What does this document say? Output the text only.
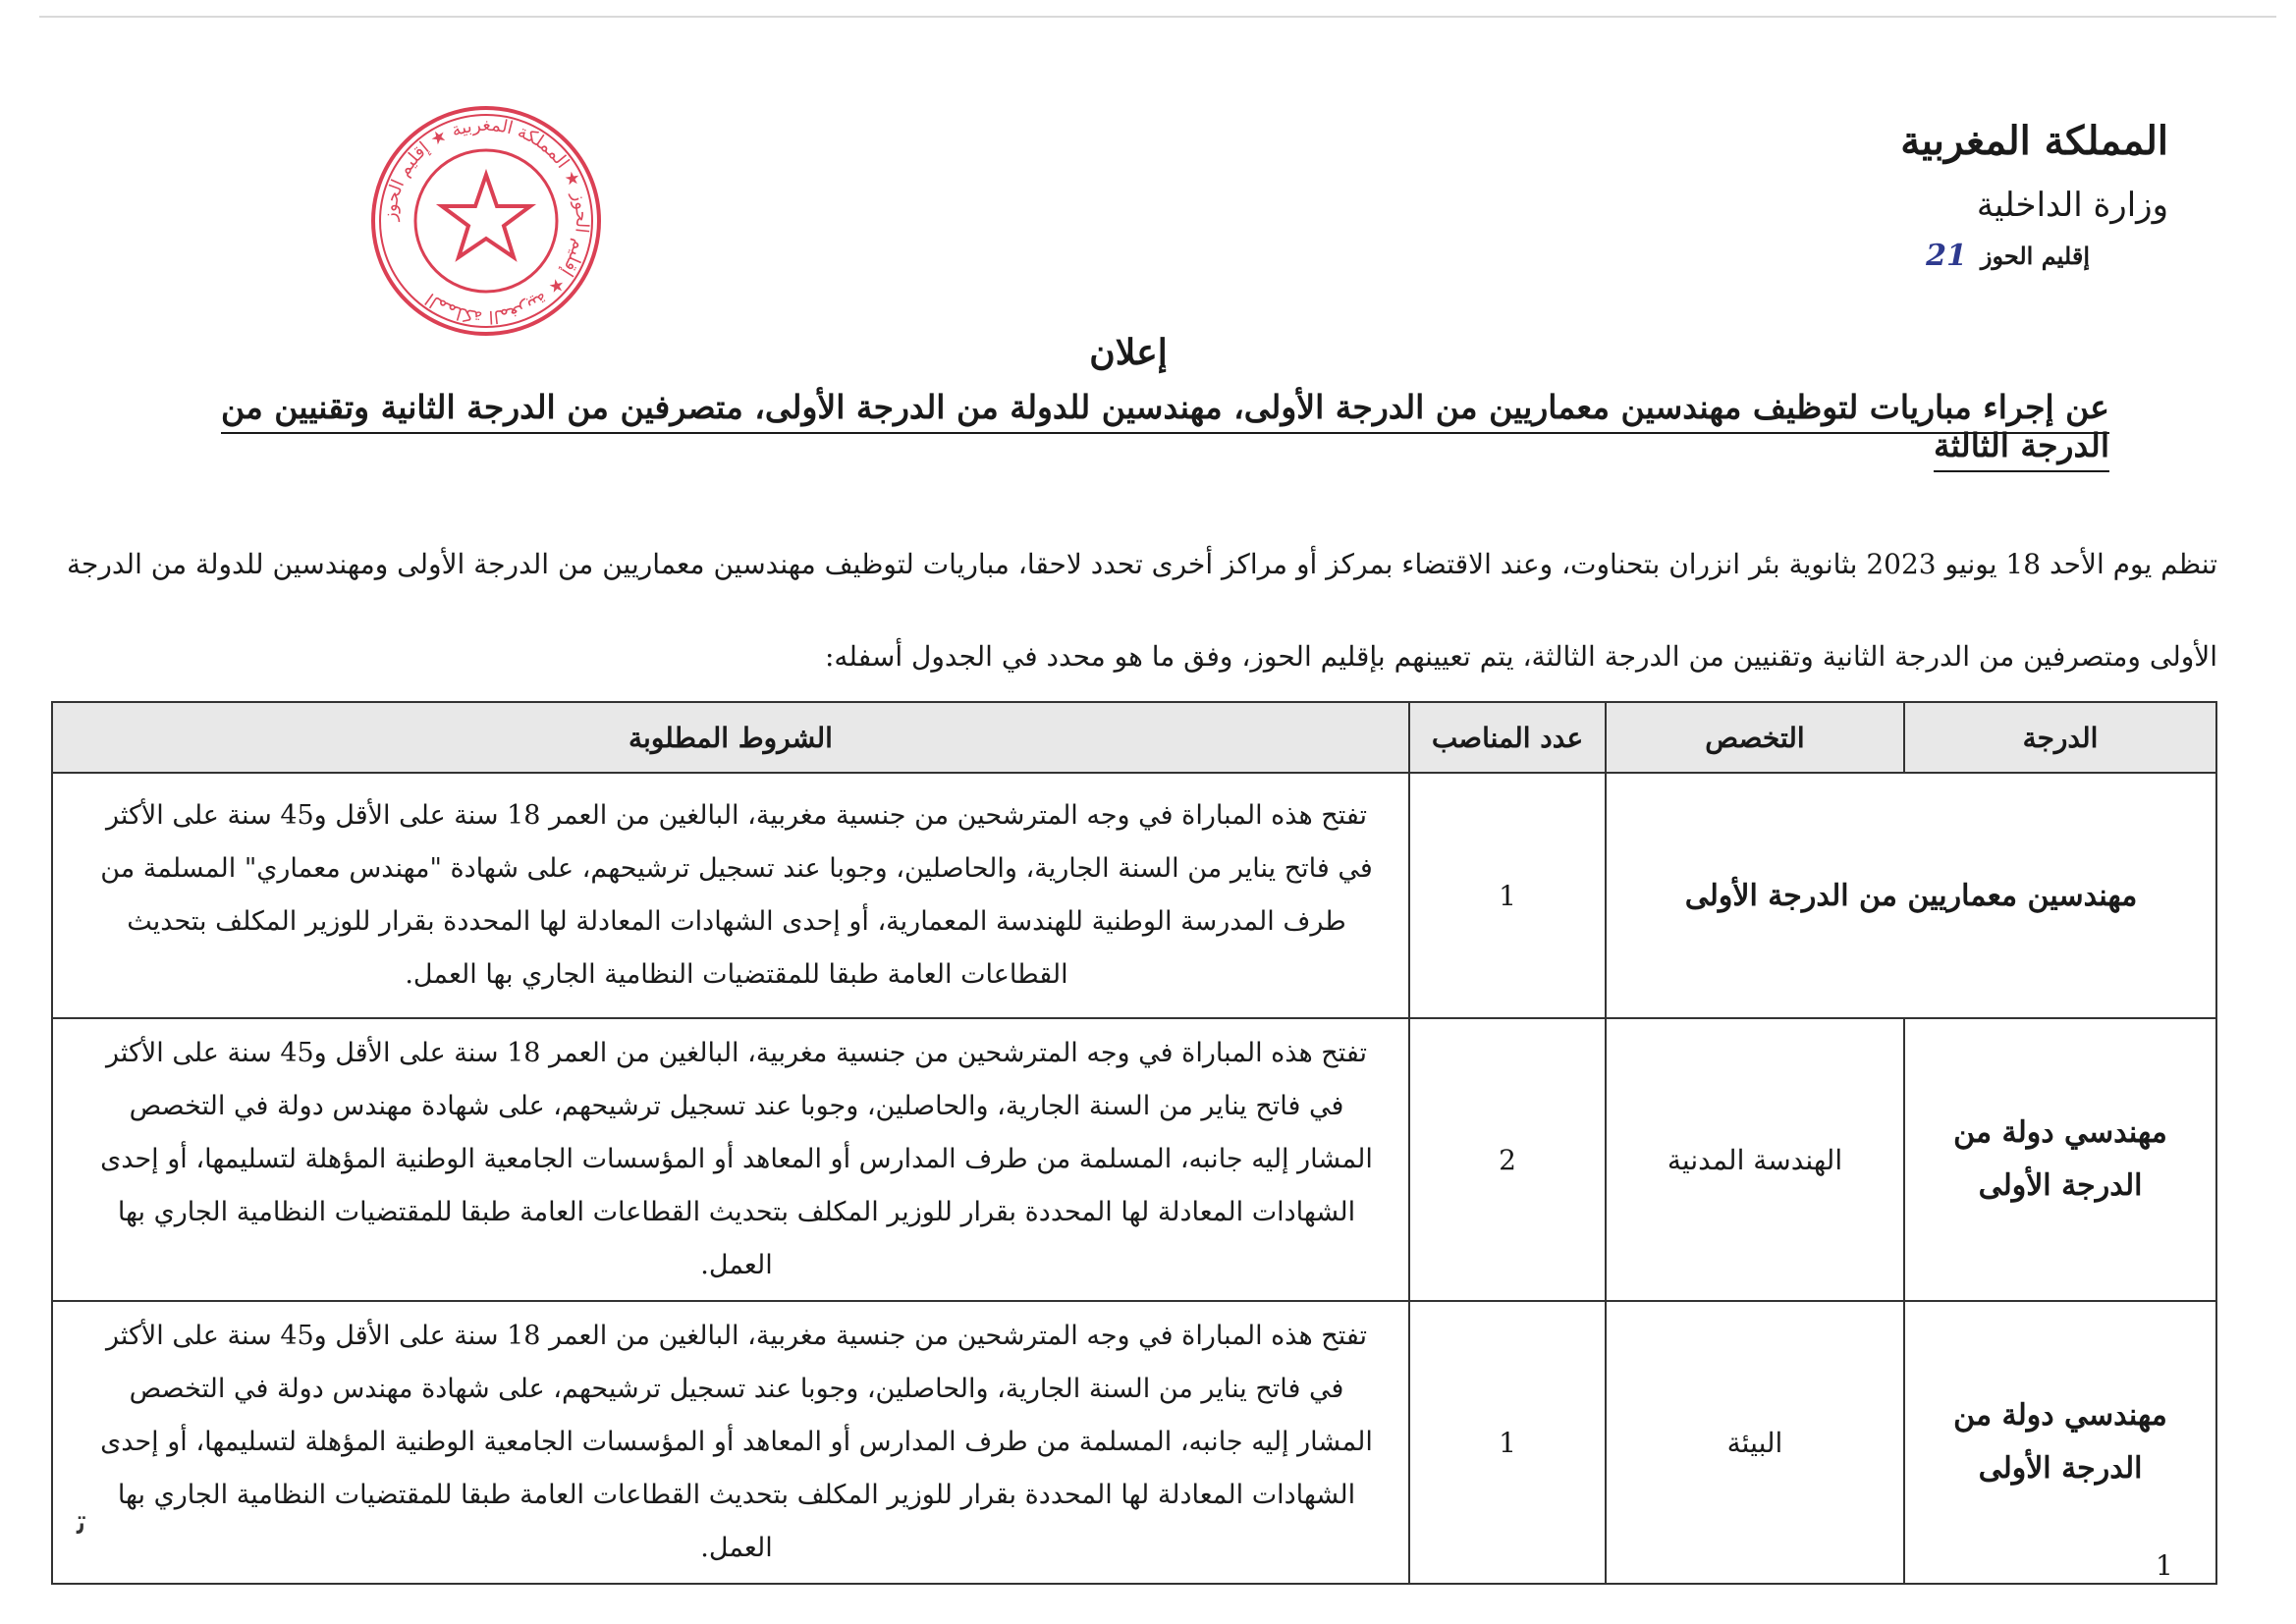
المملكة المغربية
وزارة الداخلية
إقليم الحوز
21
المملكة المغربية ★ إقليم الحوز ★ المملكة المغربية ★ إقليم الحوز
إعلان
عن إجراء مباريات لتوظيف مهندسين معماريين من الدرجة الأولى، مهندسين للدولة من الدرجة الأولى، متصرفين من الدرجة الثانية وتقنيين من الدرجة الثالثة
تنظم يوم الأحد 18 يونيو 2023 بثانوية بئر انزران بتحناوت، وعند الاقتضاء بمركز أو مراكز أخرى تحدد لاحقا، مباريات لتوظيف مهندسين معماريين من الدرجة الأولى ومهندسين للدولة من الدرجة الأولى ومتصرفين من الدرجة الثانية وتقنيين من الدرجة الثالثة، يتم تعيينهم بإقليم الحوز، وفق ما هو محدد في الجدول أسفله:
الدرجة	التخصص	عدد المناصب	الشروط المطلوبة
مهندسين معماريين من الدرجة الأولى		1	تفتح هذه المباراة في وجه المترشحين من جنسية مغربية، البالغين من العمر 18 سنة على الأقل و45 سنة على الأكثر في فاتح يناير من السنة الجارية، والحاصلين، وجوبا عند تسجيل ترشيحهم، على شهادة "مهندس معماري" المسلمة من طرف المدرسة الوطنية للهندسة المعمارية، أو إحدى الشهادات المعادلة لها المحددة بقرار للوزير المكلف بتحديث القطاعات العامة طبقا للمقتضيات النظامية الجاري بها العمل.
مهندسي دولة من الدرجة الأولى	الهندسة المدنية	2	تفتح هذه المباراة في وجه المترشحين من جنسية مغربية، البالغين من العمر 18 سنة على الأقل و45 سنة على الأكثر في فاتح يناير من السنة الجارية، والحاصلين، وجوبا عند تسجيل ترشيحهم، على شهادة مهندس دولة في التخصص المشار إليه جانبه، المسلمة من طرف المدارس أو المعاهد أو المؤسسات الجامعية الوطنية المؤهلة لتسليمها، أو إحدى الشهادات المعادلة لها المحددة بقرار للوزير المكلف بتحديث القطاعات العامة طبقا للمقتضيات النظامية الجاري بها العمل.
مهندسي دولة من الدرجة الأولى	البيئة	1	تفتح هذه المباراة في وجه المترشحين من جنسية مغربية، البالغين من العمر 18 سنة على الأقل و45 سنة على الأكثر في فاتح يناير من السنة الجارية، والحاصلين، وجوبا عند تسجيل ترشيحهم، على شهادة مهندس دولة في التخصص المشار إليه جانبه، المسلمة من طرف المدارس أو المعاهد أو المؤسسات الجامعية الوطنية المؤهلة لتسليمها، أو إحدى الشهادات المعادلة لها المحددة بقرار للوزير المكلف بتحديث القطاعات العامة طبقا للمقتضيات النظامية الجاري بها العمل.
ﺗ
1
